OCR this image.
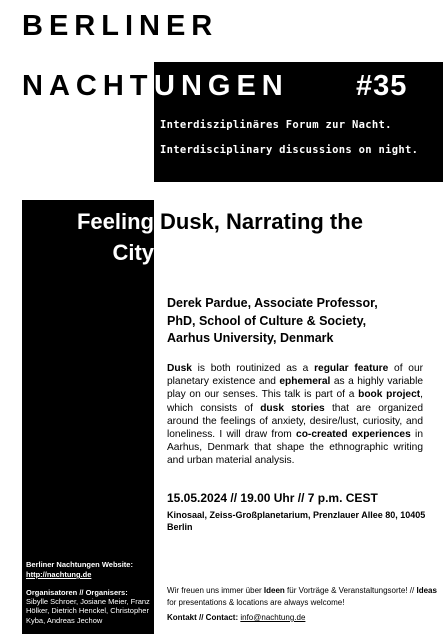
BERLINER
NACHT UNGEN #35
Interdisziplinäres Forum zur Nacht.
Interdisciplinary discussions on night.
Feeling
City
Dusk, Narrating the
Derek Pardue, Associate Professor, PhD, School of Culture & Society, Aarhus University, Denmark
Dusk is both routinized as a regular feature of our planetary existence and ephemeral as a highly variable play on our senses. This talk is part of a book project, which consists of dusk stories that are organized around the feelings of anxiety, desire/lust, curiosity, and loneliness. I will draw from co-created experiences in Aarhus, Denmark that shape the ethnographic writing and urban material analysis.
15.05.2024 // 19.00 Uhr // 7 p.m. CEST
Kinosaal, Zeiss-Großplanetarium, Prenzlauer Allee 80, 10405 Berlin
Wir freuen uns immer über Ideen für Vorträge & Veranstaltungsorte! // Ideas for presentations & locations are always welcome!
Kontakt // Contact: info@nachtung.de
Berliner Nachtungen Website:
http://nachtung.de
Organisatoren // Organisers:
Sibylle Schroer, Josiane Meier, Franz Hölker, Dietrich Henckel, Christopher Kyba, Andreas Jechow
